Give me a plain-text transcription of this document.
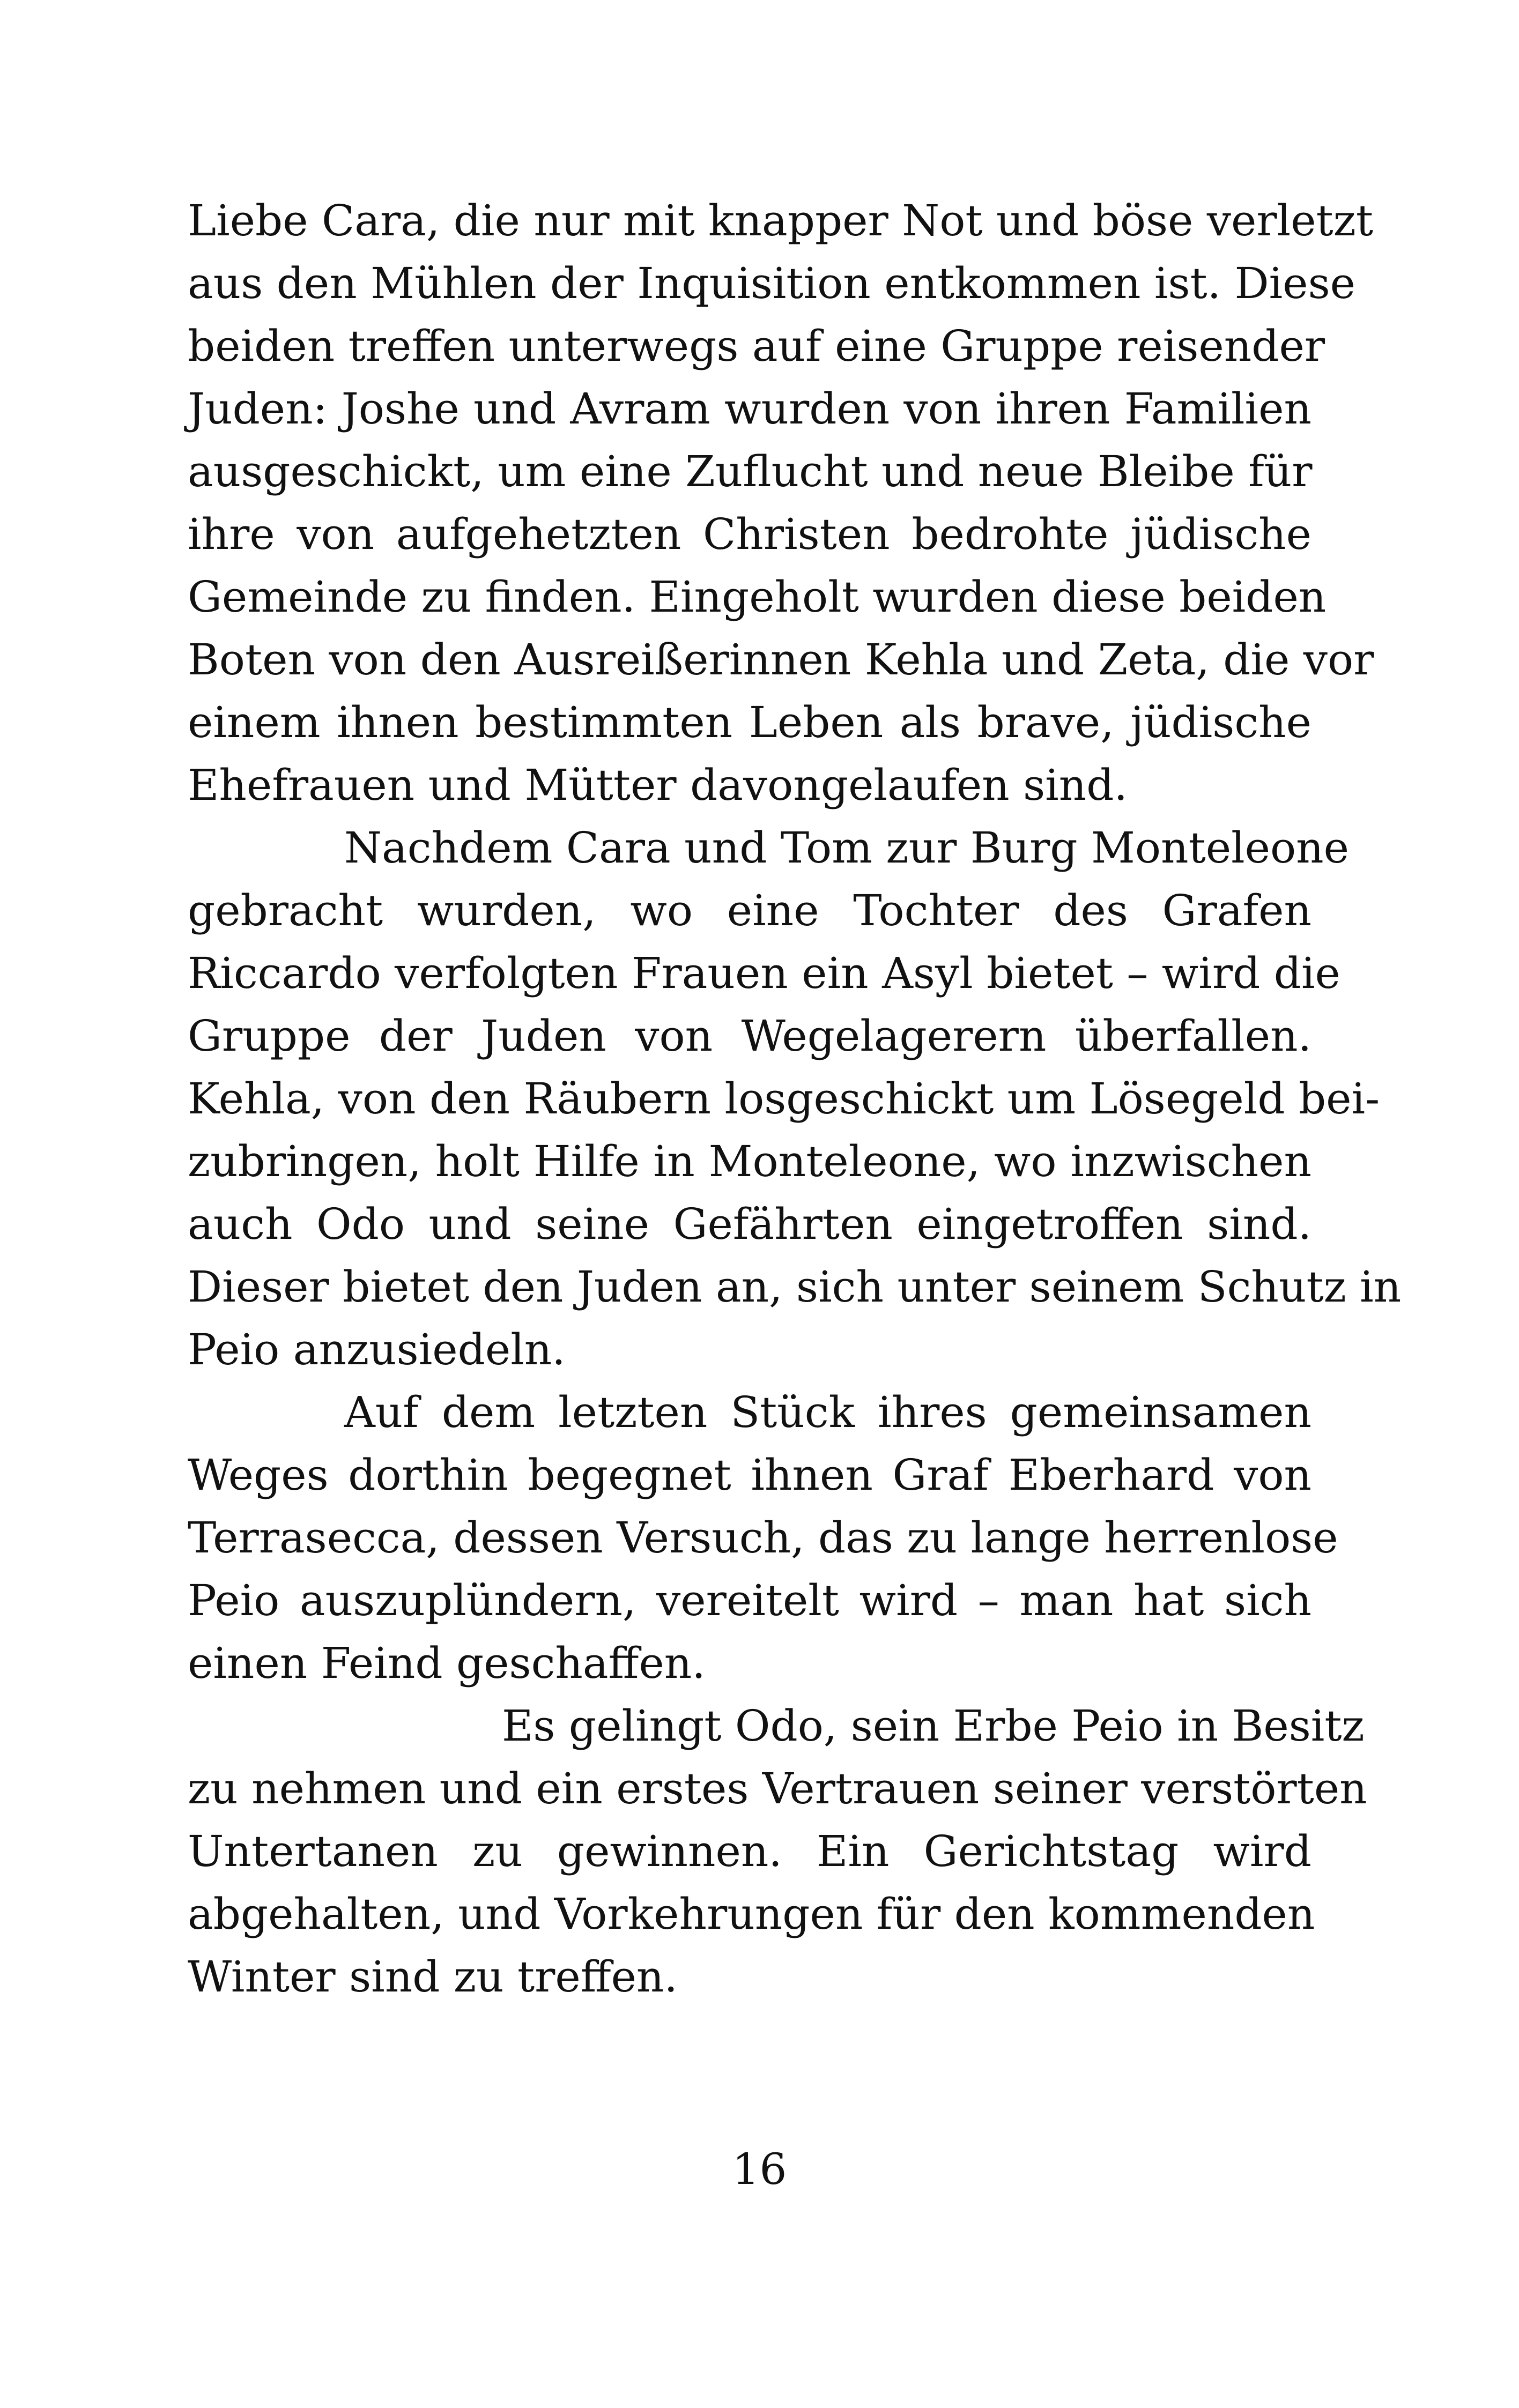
Liebe Cara, die nur mit knapper Not und böse verletzt
aus den Mühlen der Inquisition entkommen ist. Diese
beiden treffen unterwegs auf eine Gruppe reisender
Juden: Joshe und Avram wurden von ihren Familien
ausgeschickt, um eine Zuflucht und neue Bleibe für
ihre von aufgehetzten Christen bedrohte jüdische
Gemeinde zu finden. Eingeholt wurden diese beiden
Boten von den Ausreißerinnen Kehla und Zeta, die vor
einem ihnen bestimmten Leben als brave, jüdische
Ehefrauen und Mütter davongelaufen sind.
Nachdem Cara und Tom zur Burg Monteleone
gebracht wurden, wo eine Tochter des Grafen
Riccardo verfolgten Frauen ein Asyl bietet – wird die
Gruppe der Juden von Wegelagerern überfallen.
Kehla, von den Räubern losgeschickt um Lösegeld bei-
zubringen, holt Hilfe in Monteleone, wo inzwischen
auch Odo und seine Gefährten eingetroffen sind.
Dieser bietet den Juden an, sich unter seinem Schutz in
Peio anzusiedeln.
Auf dem letzten Stück ihres gemeinsamen
Weges dorthin begegnet ihnen Graf Eberhard von
Terrasecca, dessen Versuch, das zu lange herrenlose
Peio auszuplündern, vereitelt wird – man hat sich
einen Feind geschaffen.
Es gelingt Odo, sein Erbe Peio in Besitz
zu nehmen und ein erstes Vertrauen seiner verstörten
Untertanen zu gewinnen. Ein Gerichtstag wird
abgehalten, und Vorkehrungen für den kommenden
Winter sind zu treffen.
16
